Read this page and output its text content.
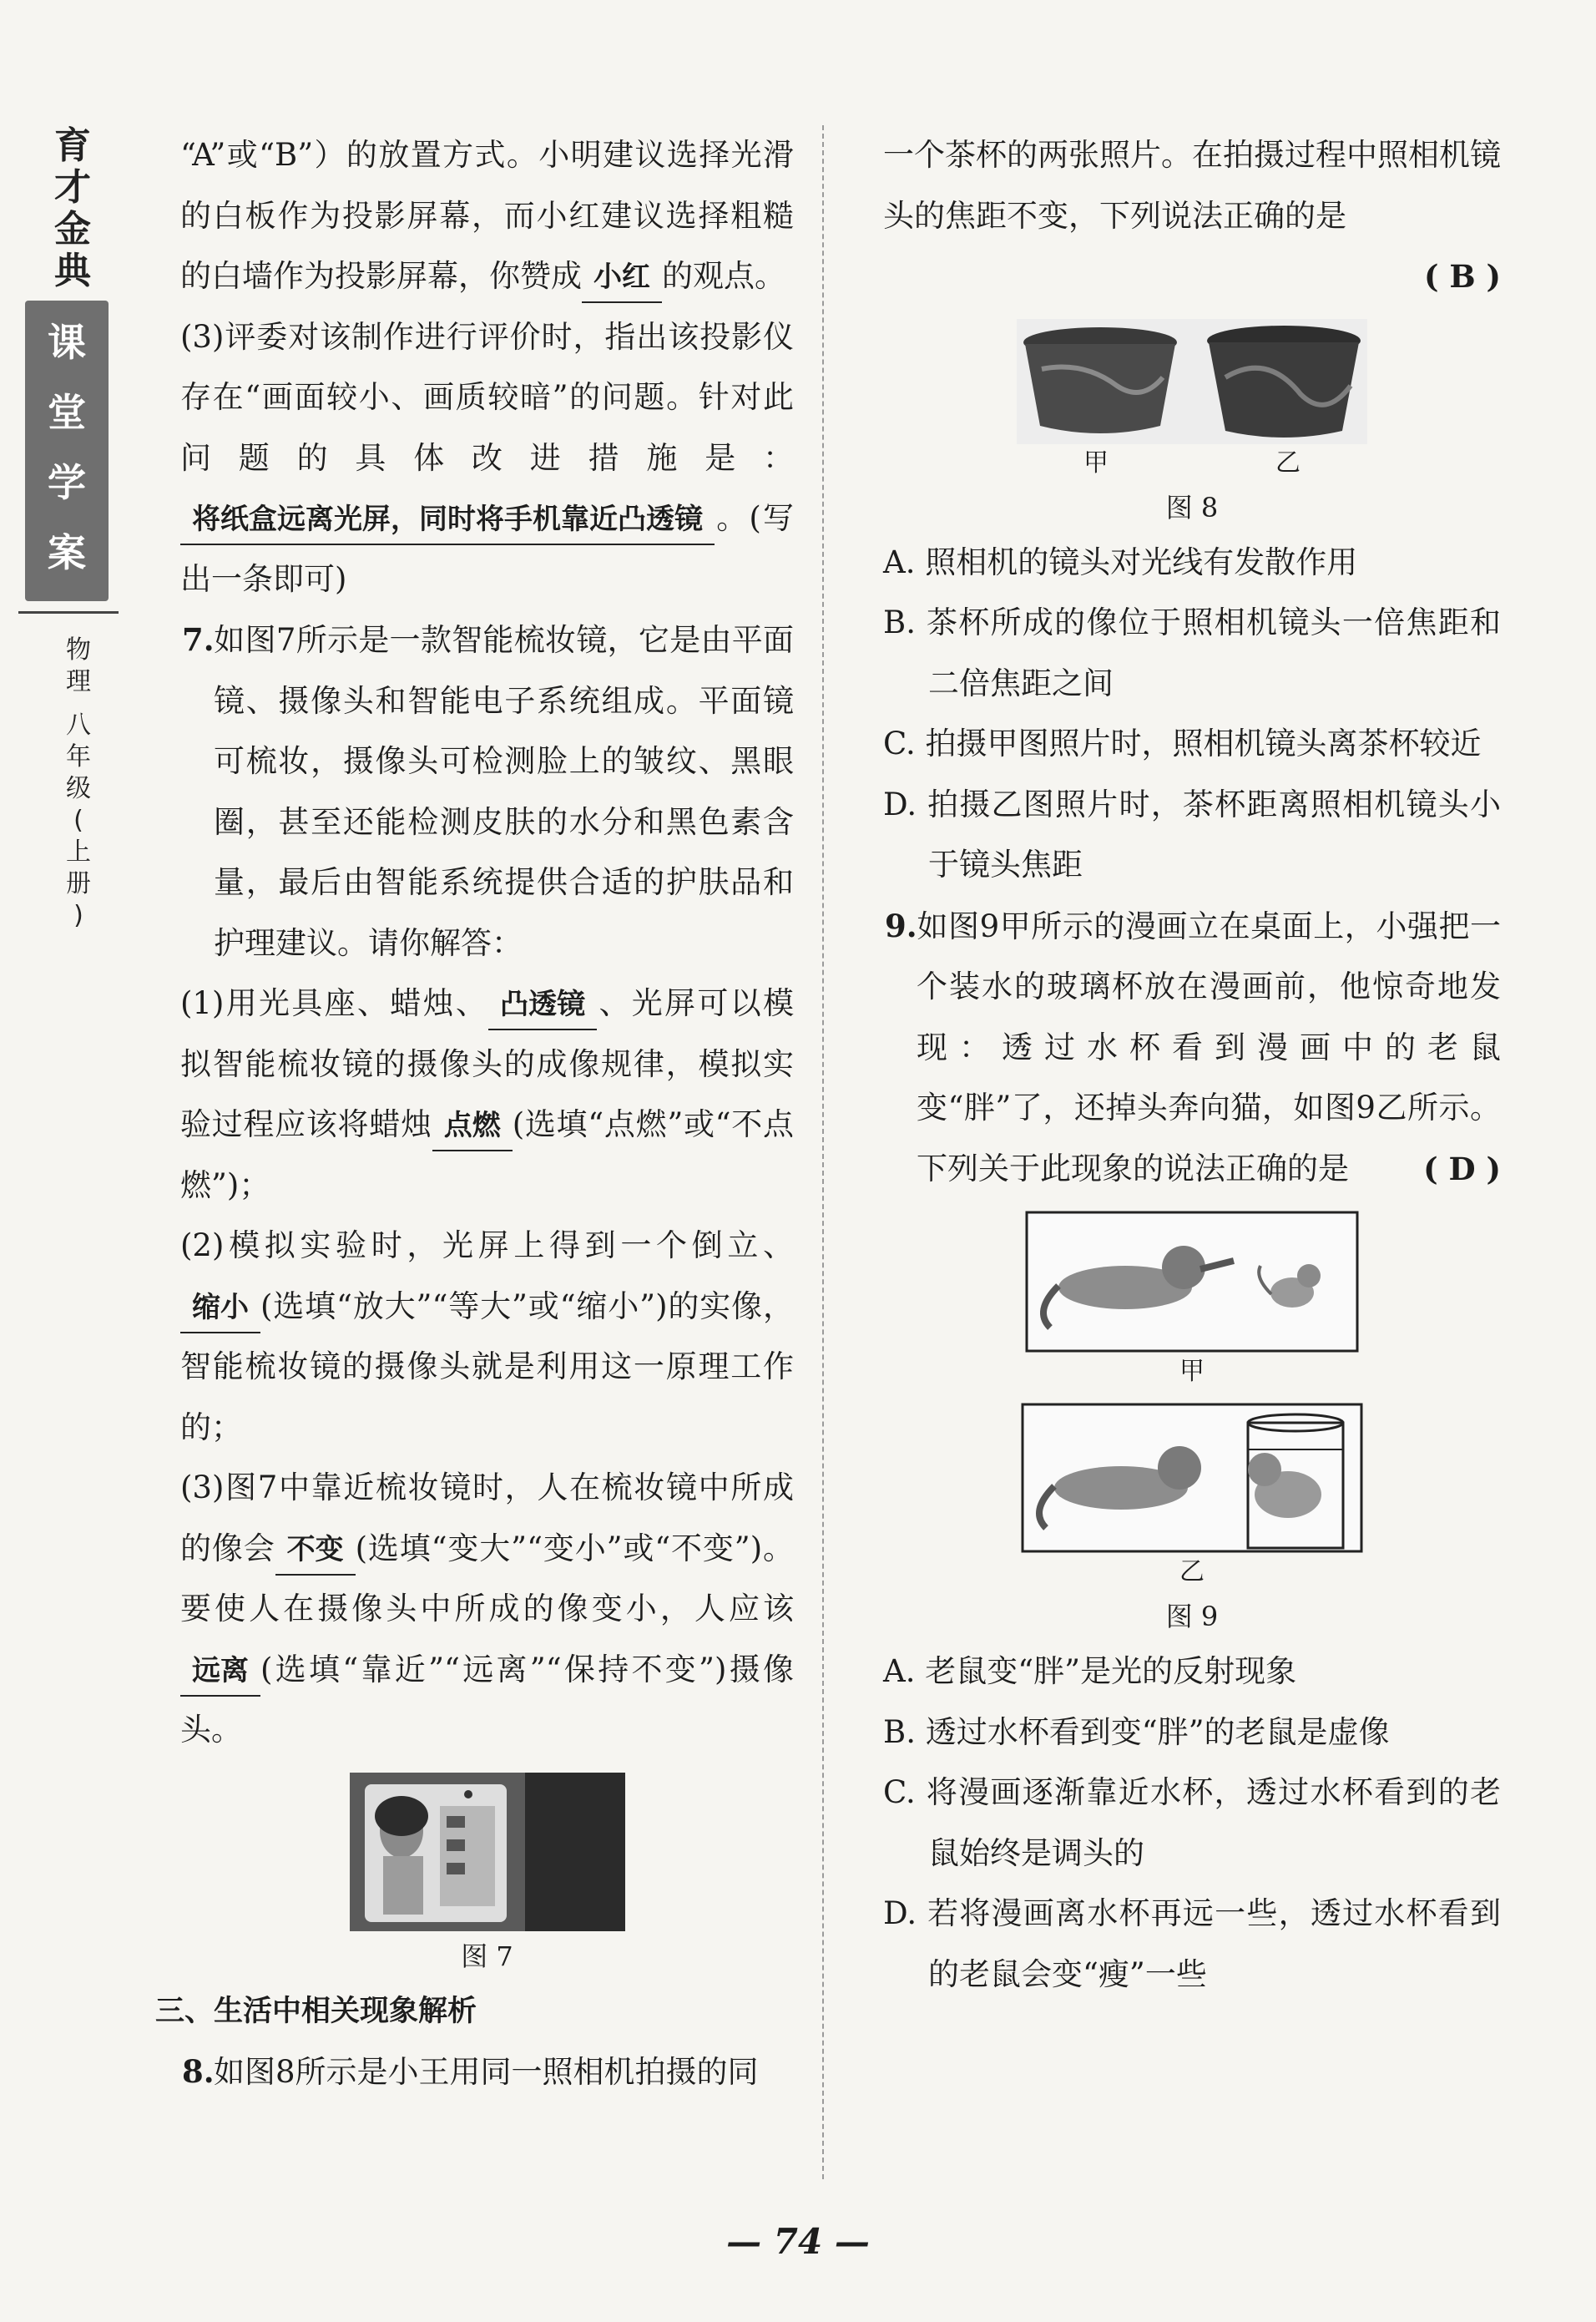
育
才
金
典
课
堂
学
案
物
理
八
年
级
(
上
册
)

“A”或“B”）的放置方式。小明建议选择光滑的白板作为投影屏幕，而小红建议选择粗糙的白墙作为投影屏幕，你赞成 小红 的观点。

(3)评委对该制作进行评价时，指出该投影仪存在“画面较小、画质较暗”的问题。针对此问题的具体改进措施是：将纸盒远离光屏，同时将手机靠近凸透镜 。(写出一条即可)

7.如图7所示是一款智能梳妆镜，它是由平面镜、摄像头和智能电子系统组成。平面镜可梳妆，摄像头可检测脸上的皱纹、黑眼圈，甚至还能检测皮肤的水分和黑色素含量，最后由智能系统提供合适的护肤品和护理建议。请你解答：

(1)用光具座、蜡烛、 凸透镜 、光屏可以模拟智能梳妆镜的摄像头的成像规律，模拟实验过程应该将蜡烛 点燃 (选填“点燃”或“不点燃”)；

(2)模拟实验时，光屏上得到一个倒立、缩小 (选填“放大”“等大”或“缩小”)的实像，智能梳妆镜的摄像头就是利用这一原理工作的；

(3)图7中靠近梳妆镜时，人在梳妆镜中所成的像会 不变 (选填“变大”“变小”或“不变”)。要使人在摄像头中所成的像变小，人应该远离 (选填“靠近”“远离”“保持不变”)摄像头。

图 7

三、生活中相关现象解析

8.如图8所示是小王用同一照相机拍摄的同

一个茶杯的两张照片。在拍摄过程中照相机镜头的焦距不变，下列说法正确的是

( B )

甲	乙
图 8

A. 照相机的镜头对光线有发散作用

B. 茶杯所成的像位于照相机镜头一倍焦距和二倍焦距之间

C. 拍摄甲图照片时，照相机镜头离茶杯较近

D. 拍摄乙图照片时，茶杯距离照相机镜头小于镜头焦距

9.如图9甲所示的漫画立在桌面上，小强把一个装水的玻璃杯放在漫画前，他惊奇地发现：透过水杯看到漫画中的老鼠变“胖”了，还掉头奔向猫，如图9乙所示。下列关于此现象的说法正确的是 ( D )

甲
乙
图 9

A. 老鼠变“胖”是光的反射现象

B. 透过水杯看到变“胖”的老鼠是虚像

C. 将漫画逐渐靠近水杯，透过水杯看到的老鼠始终是调头的

D. 若将漫画离水杯再远一些，透过水杯看到的老鼠会变“瘦”一些

— 74 —
